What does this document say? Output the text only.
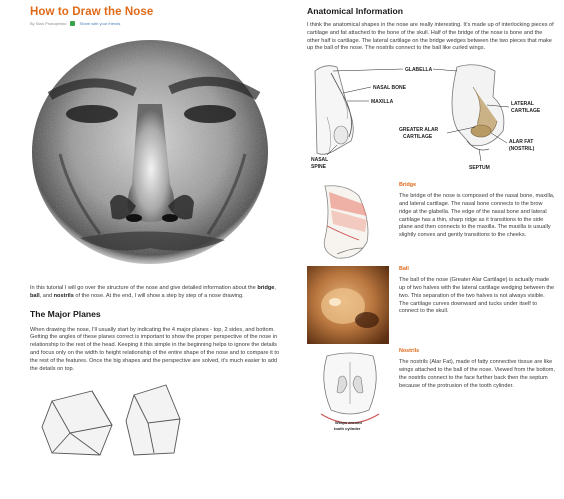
How to Draw the Nose
By Stan Prokopenko	Share with your friends

In this tutorial I will go over the structure of the nose and give detailed information about the bridge, ball, and nostrils of the nose. At the end, I will show a step by step of a nose drawing.

The Major Planes

When drawing the nose, I'll usually start by indicating the 4 major planes - top, 2 sides, and bottom. Getting the angles of these planes correct is important to show the proper perspective of the nose in relationship to the rest of the head. Keeping it this simple in the beginning helps to ignore the details and focus only on the width to height relationship of the entire shape of the nose and to compare it to the rest of the features. Once the big shapes and the perspective are solved, it's much easier to add the details on top.

Anatomical Information

I think the anatomical shapes in the nose are really interesting. It's made up of interlocking pieces of cartilage and fat attached to the bone of the skull. Half of the bridge of the nose is bone and the other half is cartilage. The lateral cartilage on the bridge wedges between the two pieces that make up the ball of the nose. The nostrils connect to the ball like curled wings.

GLABELLA
NASAL BONE
MAXILLA	LATERAL
CARTILAGE
GREATER ALAR
CARTILAGE
ALAR FAT
(NOSTRIL)
NASAL
SPINE	SEPTUM
Bridge

The bridge of the nose is composed of the nasal bone, maxilla, and lateral cartilage. The nasal bone connects to the brow ridge at the glabella. The edge of the nasal bone and lateral cartilage has a thin, sharp ridge as it transitions to the side plane and then connects to the maxilla. The maxilla is usually slightly convex and gently transitions to the cheeks.

Ball

The ball of the nose (Greater Alar Cartilage) is actually made up of two halves with the lateral cartilage wedging between the two. This separation of the two halves is not always visible. The cartilage curves downward and tucks under itself to connect to the skull.

Wraps around
tooth cylinder
Nostrils

The nostrils (Alar Fat), made of fatty connective tissue are like wings attached to the ball of the nose. Viewed from the bottom, the nostrils connect to the face further back then the septum because of the protrusion of the tooth cylinder.
